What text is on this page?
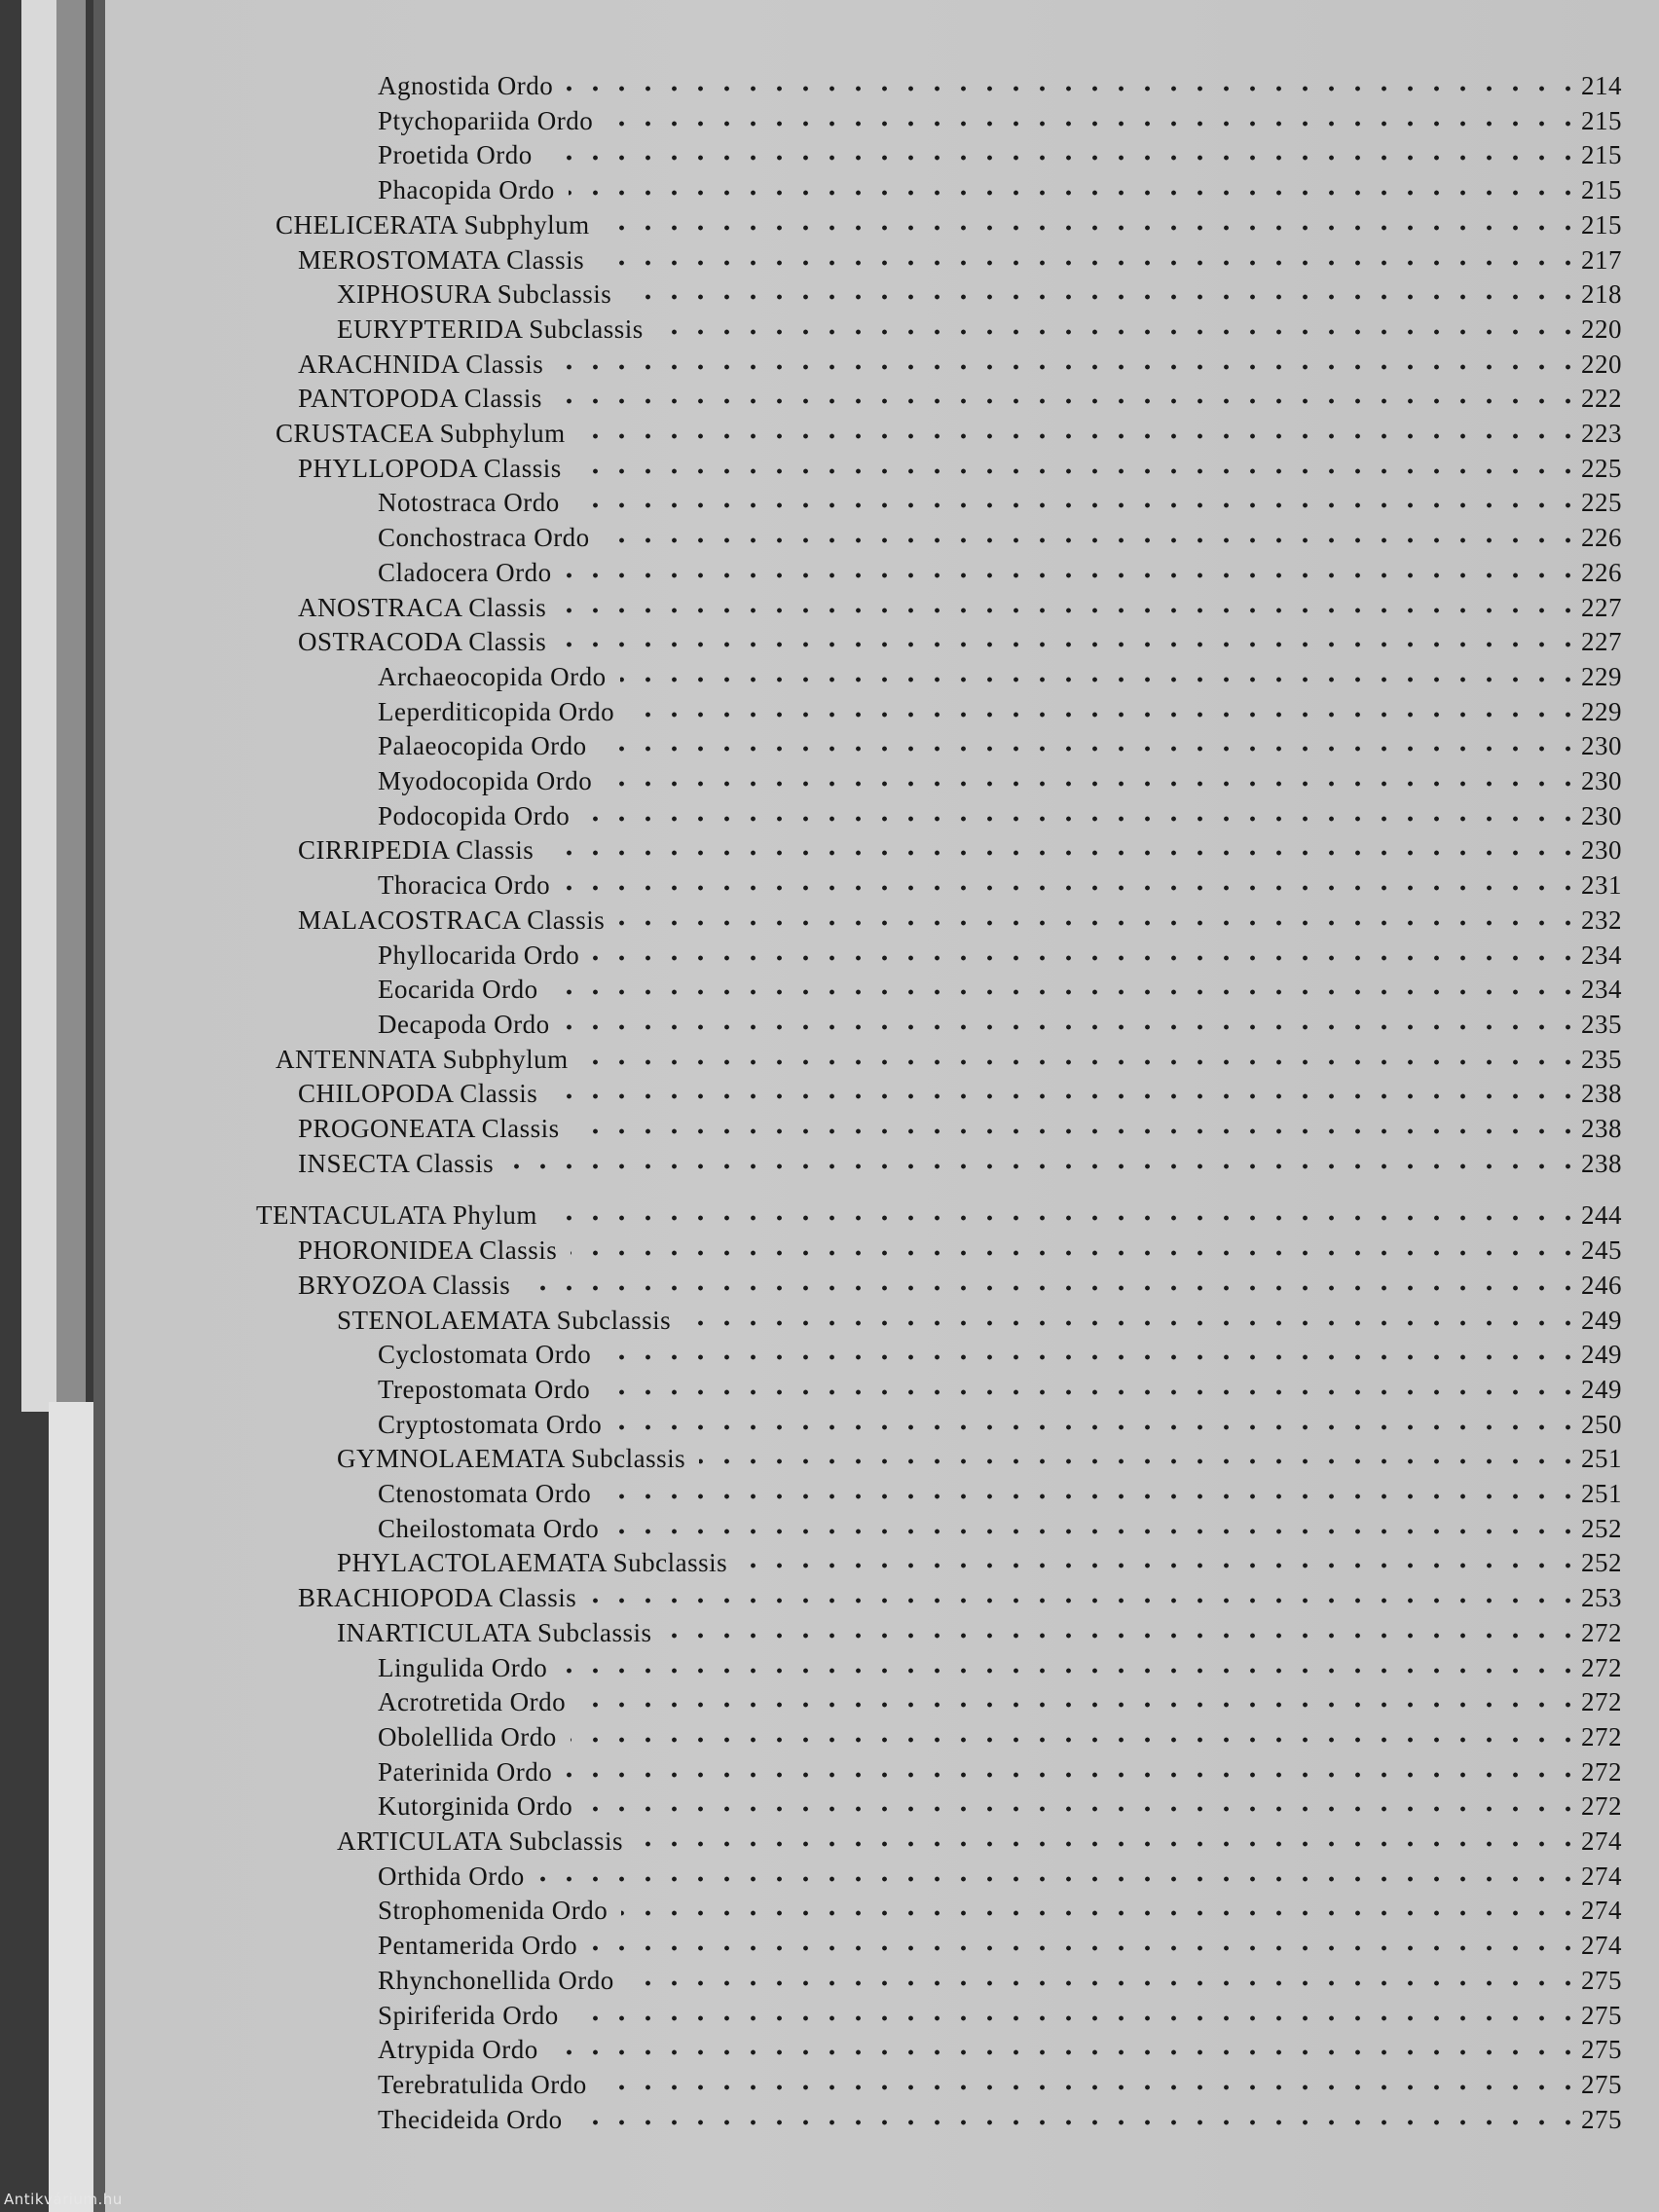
Agnostida Ordo	214
Ptychopariida Ordo	215
Proetida Ordo	215
Phacopida Ordo	215
CHELICERATA Subphylum	215
MEROSTOMATA Classis	217
XIPHOSURA Subclassis	218
EURYPTERIDA Subclassis	220
ARACHNIDA Classis	220
PANTOPODA Classis	222
CRUSTACEA Subphylum	223
PHYLLOPODA Classis	225
Notostraca Ordo	225
Conchostraca Ordo	226
Cladocera Ordo	226
ANOSTRACA Classis	227
OSTRACODA Classis	227
Archaeocopida Ordo	229
Leperditicopida Ordo	229
Palaeocopida Ordo	230
Myodocopida Ordo	230
Podocopida Ordo	230
CIRRIPEDIA Classis	230
Thoracica Ordo	231
MALACOSTRACA Classis	232
Phyllocarida Ordo	234
Eocarida Ordo	234
Decapoda Ordo	235
ANTENNATA Subphylum	235
CHILOPODA Classis	238
PROGONEATA Classis	238
INSECTA Classis	238
TENTACULATA Phylum	244
PHORONIDEA Classis	245
BRYOZOA Classis	246
STENOLAEMATA Subclassis	249
Cyclostomata Ordo	249
Trepostomata Ordo	249
Cryptostomata Ordo	250
GYMNOLAEMATA Subclassis	251
Ctenostomata Ordo	251
Cheilostomata Ordo	252
PHYLACTOLAEMATA Subclassis	252
BRACHIOPODA Classis	253
INARTICULATA Subclassis	272
Lingulida Ordo	272
Acrotretida Ordo	272
Obolellida Ordo	272
Paterinida Ordo	272
Kutorginida Ordo	272
ARTICULATA Subclassis	274
Orthida Ordo	274
Strophomenida Ordo	274
Pentamerida Ordo	274
Rhynchonellida Ordo	275
Spiriferida Ordo	275
Atrypida Ordo	275
Terebratulida Ordo	275
Thecideida Ordo	275
Antikvárium.hu
